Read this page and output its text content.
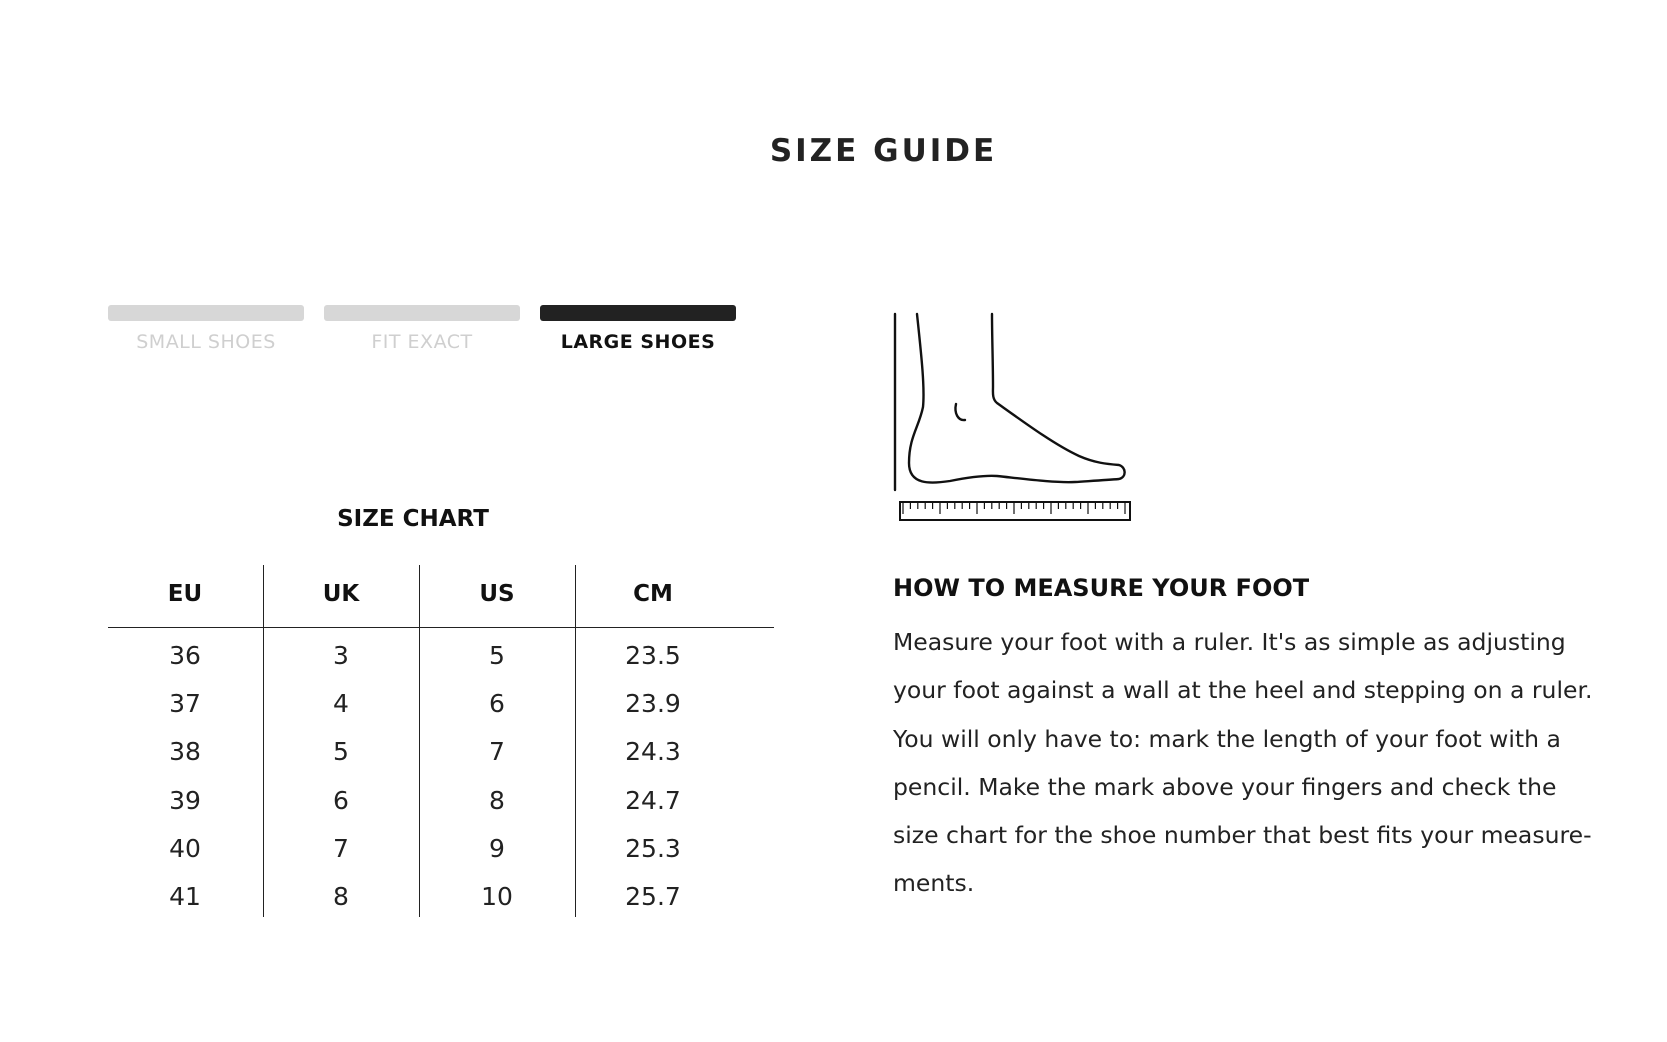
SIZE GUIDE
SMALL SHOES	FIT EXACT	LARGE SHOES
SIZE CHART
EU	UK	US	CM
36	3	5	23.5
37	4	6	23.9
38	5	7	24.3
39	6	8	24.7
40	7	9	25.3
41	8	10	25.7
HOW TO MEASURE YOUR FOOT
Measure your foot with a ruler. It's as simple as adjusting
your foot against a wall at the heel and stepping on a ruler.
You will only have to: mark the length of your foot with a
pencil. Make the mark above your fingers and check the
size chart for the shoe number that best fits your measure-
ments.
